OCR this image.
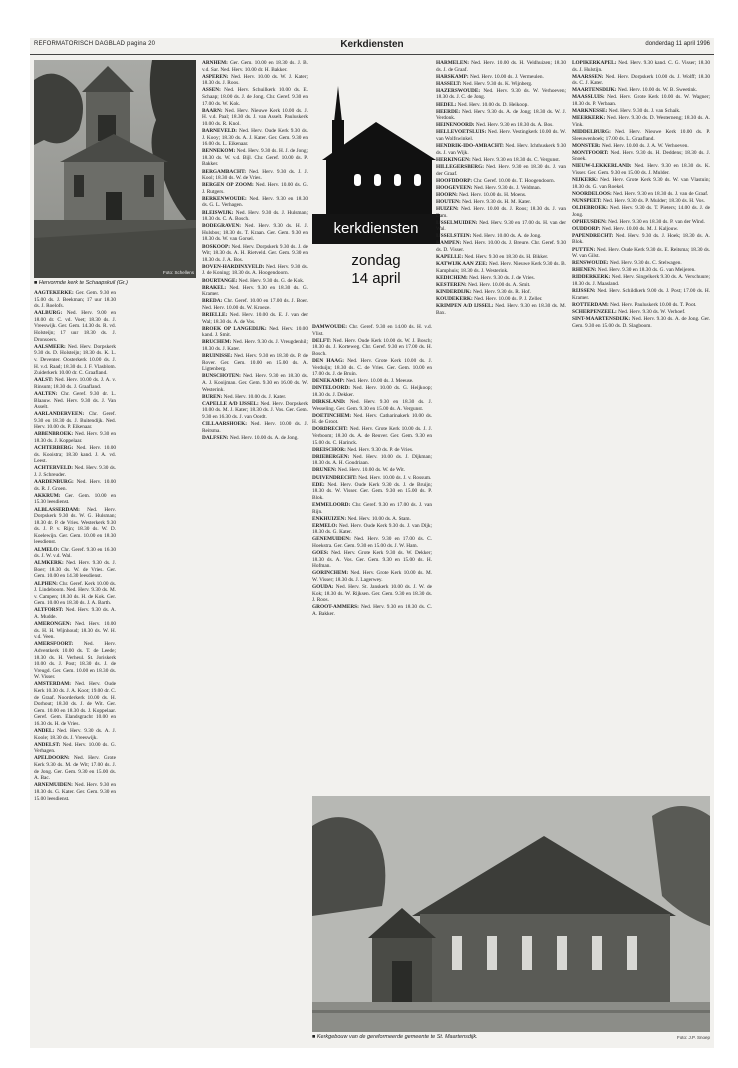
REFORMATORISCH DAGBLAD pagina 20	Kerkdiensten	donderdag 11 april 1996
■ Hervormde kerk te Schaapskuil (Gr.)
Foto: Schellens
kerkdiensten
zondag
14 april

AAGTEKERKE: Ger. Gem. 9.30 en 15.00 ds. J. Beekman; 17 uur 18.30 ds. J. Roelofs.

AALBURG: Ned. Herv. 9.00 en 18.00 dr. C. vd. Voet; 18.30 ds. J. Vreeswijk. Ger. Gem. 14.30 ds. R. vd. Holsteijn; 17 uur 18.30 ds. J. Dronsoers.

AALSMEER: Ned. Herv. Dorpskerk 9.30 ds. D. Holsteijn; 18.30 ds. K. L. v. Deventer. Oosterkerk 10.00 ds. J. H. v.d. Raad; 18.30 ds. J. F. Vlasblom. Zuiderkerk 10.00 dr. C. Graafland.

AALST: Ned. Herv. 10.00 ds. J. A. v. Rinsum; 18.30 ds. J. Graafland.

AALTEN: Chr. Geref. 9.30 dr. L. Blaauw. Ned. Herv. 9.30 ds. J. Van Asselt.

AARLANDERVEEN: Chr. Geref. 9.30 en 18.30 ds. J. Buitendijk. Ned. Herv. 10.00 ds. P. Eikenaar.

ABBENBROEK: Ned. Herv. 9.30 en 18.30 ds. J. Koppelaar.

ACHTERBERG: Ned. Herv. 10.00 ds. Kooistra; 18.30 kand. J. A. vd. Leest.

ACHTERVELD: Ned. Herv. 9.30 ds. J. J. Schreuder.

AARDENBURG: Ned. Herv. 10.00 ds. R. J. Groen.

AKKRUM: Ger. Gem. 10.00 en 15.30 leesdienst.

ALBLASSERDAM: Ned. Herv. Dorpskerk 9.30 ds. W. G. Hulsman; 18.30 dr. P. de Vries. Westerkerk 9.30 ds. J. P. v. Rijn; 18.30 ds. W. D. Koelewijn. Ger. Gem. 10.00 en 18.30 leesdienst.

ALMELO: Chr. Geref. 9.30 en 16.30 ds. J. W. v.d. Wal.

ALMKERK: Ned. Herv. 9.30 ds. J. Boer; 18.30 ds. W. de Vries. Ger. Gem. 10.00 en 14.30 leesdienst.

ALPHEN: Chr. Geref. Kerk 10.00 ds. J. Lindeboom. Ned. Herv. 9.30 ds. M. v. Campen; 18.30 ds. H. de Kok. Ger. Gem. 10.00 en 18.30 ds. J. A. Barth.

ALTFORST: Ned. Herv. 9.30 ds. A. A. Mudde.

AMERONGEN: Ned. Herv. 10.00 ds. H. H. Wijnhoud; 18.30 ds. W. H. v.d. Veen.

AMERSFOORT: Ned. Herv. Adventkerk 10.00 ds. T. de Leede; 18.30 ds. H. Verheul. St. Joriskerk 10.00 ds. J. Post; 18.30 ds. J. de Vreugd. Ger. Gem. 10.00 en 18.30 ds. W. Visser.

AMSTERDAM: Ned. Herv. Oude Kerk 10.30 ds. J. A. Koot; 19.00 dr. C. de Graaf. Noorderkerk 10.00 ds. H. Dorhout; 18.30 ds. J. de Wit. Ger. Gem. 10.00 en 18.30 ds. J. Koppelaar. Geref. Gem. Elandsgracht 10.00 en 16.30 ds. H. de Vries.

ANDEL: Ned. Herv. 9.30 ds. A. J. Koole; 18.30 ds. J. Vreeswijk.

ANDELST: Ned. Herv. 10.00 ds. G. Verhagen.

APELDOORN: Ned. Herv. Grote Kerk 9.30 ds. M. de Wit; 17.00 ds. J. de Jong. Ger. Gem. 9.30 en 15.00 ds. A. Bac.

ARNEMUIDEN: Ned. Herv. 9.30 en 18.30 ds. G. Kater. Ger. Gem. 9.30 en 15.00 leesdienst.

ARNHEM: Ger. Gem. 10.00 en 18.30 ds. J. B. v.d. Sar. Ned. Herv. 10.00 dr. H. Bakker.

ASPEREN: Ned. Herv. 10.00 ds. W. J. Kater; 18.30 ds. J. Roos.

ASSEN: Ned. Herv. Schuilkerk 10.00 ds. E. Schaap; 18.00 ds. J. de Jong. Chr. Geref. 9.30 en 17.00 ds. W. Kok.

BAARN: Ned. Herv. Nieuwe Kerk 10.00 ds. J. H. v.d. Paal; 18.30 ds. J. van Asselt. Pauluskerk 10.00 ds. R. Knol.

BARNEVELD: Ned. Herv. Oude Kerk 9.30 ds. J. Kooy; 18.30 ds. A. J. Kater. Ger. Gem. 9.30 en 16.00 ds. L. Eikenaar.

BENNEKOM: Ned. Herv. 9.30 ds. H. J. de Jong; 18.30 ds. W. v.d. Bijl. Chr. Geref. 10.00 ds. P. Bakker.

BERGAMBACHT: Ned. Herv. 9.30 ds. J. J. Kool; 18.30 ds. W. de Vries.

BERGEN OP ZOOM: Ned. Herv. 10.00 ds. G. J. Rutgers.

BERKENWOUDE: Ned. Herv. 9.30 en 18.30 ds. G. L. Verhagen.

BLEISWIJK: Ned. Herv. 9.30 ds. J. Hulsman; 18.30 ds. C. A. Bosch.

BODEGRAVEN: Ned. Herv. 9.30 ds. H. J. Hulsbos; 18.30 ds. T. Kraan. Ger. Gem. 9.30 en 18.30 ds. W. van Gorsel.

BOSKOOP: Ned. Herv. Dorpskerk 9.30 ds. J. de Wit; 18.30 ds. A. H. Rietveld. Ger. Gem. 9.30 en 18.30 ds. J. A. Bos.

BOVEN-HARDINXVELD: Ned. Herv. 9.30 ds. J. de Koning; 18.30 ds. A. Hoogendoorn.

BOURTANGE: Ned. Herv. 9.30 ds. G. de Kok.

BRAKEL: Ned. Herv. 9.30 en 18.30 ds. G. Kramer.

BREDA: Chr. Geref. 10.00 en 17.00 ds. J. Boer. Ned. Herv. 10.00 ds. W. Kroeze.

BRIELLE: Ned. Herv. 10.00 ds. E. J. van der Wal; 18.30 ds. A. de Vos.

BROEK OP LANGEDIJK: Ned. Herv. 10.00 kand. J. Smit.

BRUCHEM: Ned. Herv. 9.30 ds. J. Vreugdenhil; 18.30 ds. J. Kater.

BRUINISSE: Ned. Herv. 9.30 en 18.30 ds. P. de Rover. Ger. Gem. 10.00 en 15.00 ds. A. Ligtenberg.

BUNSCHOTEN: Ned. Herv. 9.30 en 18.30 ds. A. J. Kooijman. Ger. Gem. 9.30 en 16.00 ds. W. Westerink.

BUREN: Ned. Herv. 10.00 ds. J. Kater.

CAPELLE A/D IJSSEL: Ned. Herv. Dorpskerk 10.00 ds. M. J. Kater; 18.30 ds. J. Vos. Ger. Gem. 9.30 en 16.30 ds. J. van Oordt.

CILLAARSHOEK: Ned. Herv. 10.00 ds. J. Reitsma.

DALFSEN: Ned. Herv. 10.00 ds. A. de Jong.

DAMWOUDE: Chr. Geref. 9.30 en 14.00 ds. H. v.d. Vlist.

DELFT: Ned. Herv. Oude Kerk 10.00 ds. W. J. Bosch; 18.30 ds. J. Korteweg. Chr. Geref. 9.30 en 17.00 ds. H. Bosch.

DEN HAAG: Ned. Herv. Grote Kerk 10.00 ds. J. Verduijn; 18.30 ds. C. de Vries. Ger. Gem. 10.00 en 17.00 ds. J. de Bruin.

DENEKAMP: Ned. Herv. 10.00 ds. J. Meeuse.

DINTELOORD: Ned. Herv. 10.00 ds. G. Heijkoop; 18.30 ds. J. Dekker.

DIRKSLAND: Ned. Herv. 9.30 en 18.30 ds. J. Wesseling. Ger. Gem. 9.30 en 15.00 ds. A. Vergunst.

DOETINCHEM: Ned. Herv. Catharinakerk 10.00 ds. H. de Groot.

DORDRECHT: Ned. Herv. Grote Kerk 10.00 ds. J. J. Verboom; 18.30 ds. A. de Reuver. Ger. Gem. 9.30 en 15.00 ds. C. Harinck.

DREISCHOR: Ned. Herv. 9.30 ds. P. de Vries.

DRIEBERGEN: Ned. Herv. 10.00 ds. J. Dijkman; 18.30 ds. A. H. Goudriaan.

DRUNEN: Ned. Herv. 10.00 ds. W. de Wit.

DUIVENDRECHT: Ned. Herv. 10.00 ds. J. v. Rossum.

EDE: Ned. Herv. Oude Kerk 9.30 ds. J. de Bruijn; 18.30 ds. W. Visser. Ger. Gem. 9.30 en 15.00 ds. P. Blok.

EMMELOORD: Chr. Geref. 9.30 en 17.00 ds. J. van Rijn.

ENKHUIZEN: Ned. Herv. 10.00 ds. A. Stam.

ERMELO: Ned. Herv. Oude Kerk 9.30 ds. J. van Dijk; 18.30 ds. G. Kater.

GENEMUIDEN: Ned. Herv. 9.30 en 17.00 ds. C. Hoekstra. Ger. Gem. 9.30 en 15.00 ds. J. W. Ham.

GOES: Ned. Herv. Grote Kerk 9.30 ds. W. Dekker; 18.30 ds. A. Vos. Ger. Gem. 9.30 en 15.00 ds. H. Hofman.

GORINCHEM: Ned. Herv. Grote Kerk 10.00 ds. M. W. Visser; 18.30 ds. J. Lagerwey.

GOUDA: Ned. Herv. St. Janskerk 10.00 ds. J. W. de Kok; 18.30 ds. W. Rijksen. Ger. Gem. 9.30 en 18.30 ds. J. Roos.

GROOT-AMMERS: Ned. Herv. 9.30 en 18.30 ds. C. A. Bakker.

HARMELEN: Ned. Herv. 10.00 ds. H. Veldhuizen; 18.30 ds. J. de Graaf.

HARSKAMP: Ned. Herv. 10.00 ds. J. Vermeulen.

HASSELT: Ned. Herv. 9.30 ds. K. Wijnberg.

HAZERSWOUDE: Ned. Herv. 9.30 ds. W. Verhoeven; 18.30 ds. J. C. de Jong.

HEDEL: Ned. Herv. 10.00 ds. D. Heikoop.

HEERDE: Ned. Herv. 9.30 ds. A. de Jong; 18.30 ds. W. J. Verdonk.

HEINENOORD: Ned. Herv. 9.30 en 18.30 ds. A. Bos.

HELLEVOETSLUIS: Ned. Herv. Vestingkerk 10.00 ds. W. van Wolfswinkel.

HENDRIK-IDO-AMBACHT: Ned. Herv. Ichthuskerk 9.30 ds. J. van Wijk.

HERKINGEN: Ned. Herv. 9.30 en 18.30 ds. C. Vergunst.

HILLEGERSBERG: Ned. Herv. 9.30 en 18.30 ds. J. van der Graaf.

HOOFDDORP: Chr. Geref. 10.00 ds. T. Hoogendoorn.

HOOGEVEEN: Ned. Herv. 9.30 ds. J. Veldman.

HOORN: Ned. Herv. 10.00 ds. H. Moens.

HOUTEN: Ned. Herv. 9.30 ds. H. M. Kater.

HUIZEN: Ned. Herv. 10.00 ds. J. Roos; 18.30 ds. J. van Dam.

IJSSELMUIDEN: Ned. Herv. 9.30 en 17.00 ds. H. van der Wal.

IJSSELSTEIN: Ned. Herv. 10.00 ds. A. de Jong.

KAMPEN: Ned. Herv. 10.00 ds. J. Breure. Chr. Geref. 9.30 ds. D. Visser.

KAPELLE: Ned. Herv. 9.30 en 18.30 ds. H. Bikker.

KATWIJK AAN ZEE: Ned. Herv. Nieuwe Kerk 9.30 ds. B. Kamphuis; 18.30 ds. J. Westerink.

KEDICHEM: Ned. Herv. 9.30 ds. J. de Vries.

KESTEREN: Ned. Herv. 10.00 ds. A. Smit.

KINDERDIJK: Ned. Herv. 9.30 ds. R. Hof.

KOUDEKERK: Ned. Herv. 10.00 ds. P. J. Zeller.

KRIMPEN A/D IJSSEL: Ned. Herv. 9.30 en 18.30 ds. M. Bax.

LOPIKERKAPEL: Ned. Herv. 9.30 kand. C. G. Visser; 18.30 ds. J. Hulstijn.

MAARSSEN: Ned. Herv. Dorpskerk 10.00 ds. J. Wolff; 18.30 ds. C. J. Kater.

MAARTENSDIJK: Ned. Herv. 10.00 ds. W. B. Sweetink.

MAASSLUIS: Ned. Herv. Grote Kerk 10.00 ds. W. Wagner; 18.30 ds. P. Verbaan.

MARKNESSE: Ned. Herv. 9.30 ds. J. van Schaik.

MEERKERK: Ned. Herv. 9.30 ds. D. Westerneng; 18.30 ds. A. Vink.

MIDDELBURG: Ned. Herv. Nieuwe Kerk 10.00 ds. P. Sleeuwenhoek; 17.00 ds. L. Graafland.

MONSTER: Ned. Herv. 10.00 ds. J. A. W. Verhoeven.

MONTFOORT: Ned. Herv. 9.30 ds. H. Deddens; 18.30 ds. J. Snoek.

NIEUW-LEKKERLAND: Ned. Herv. 9.30 en 18.30 ds. K. Visser. Ger. Gem. 9.30 en 15.00 ds. J. Mulder.

NIJKERK: Ned. Herv. Grote Kerk 9.30 ds. W. van Vlastuin; 18.30 ds. G. van Roekel.

NOORDELOOS: Ned. Herv. 9.30 en 18.30 ds. J. van de Graaf.

NUNSPEET: Ned. Herv. 9.30 ds. P. Mulder; 18.30 ds. H. Vos.

OLDEBROEK: Ned. Herv. 9.30 ds. T. Pieters; 14.00 ds. J. de Jong.

OPHEUSDEN: Ned. Herv. 9.30 en 18.30 ds. P. van der Wind.

OUDDORP: Ned. Herv. 10.00 ds. M. J. Kaljouw.

PAPENDRECHT: Ned. Herv. 9.30 ds. J. Hoek; 18.30 ds. A. Blok.

PUTTEN: Ned. Herv. Oude Kerk 9.30 ds. E. Reitsma; 18.30 ds. W. van Gilst.

RENSWOUDE: Ned. Herv. 9.30 ds. C. Stelwagen.

RHENEN: Ned. Herv. 9.30 en 18.30 ds. G. van Meijeren.

RIDDERKERK: Ned. Herv. Singelkerk 9.30 ds. A. Verschuure; 18.30 ds. J. Maasland.

RIJSSEN: Ned. Herv. Schildkerk 9.00 ds. J. Post; 17.00 ds. H. Kramer.

ROTTERDAM: Ned. Herv. Pauluskerk 10.00 ds. T. Poot.

SCHERPENZEEL: Ned. Herv. 9.30 ds. W. Verhoef.

SINT-MAARTENSDIJK: Ned. Herv. 9.30 ds. A. de Jong. Ger. Gem. 9.30 en 15.00 ds. D. Slagboom.

■ Kerkgebouw van de gereformeerde gemeente te St. Maartensdijk.	Foto: J.P. Snoep
